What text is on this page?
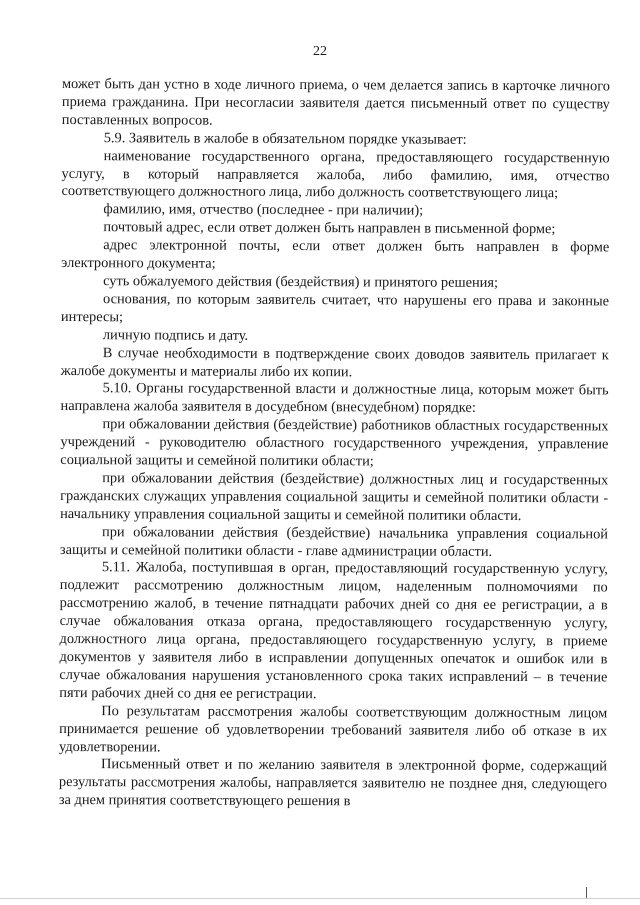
22

может быть дан устно в ходе личного приема, о чем делается запись в карточке личного приема гражданина. При несогласии заявителя дается письменный ответ по существу поставленных вопросов.

5.9. Заявитель в жалобе в обязательном порядке указывает:

наименование государственного органа, предоставляющего государственную услугу, в который направляется жалоба, либо фамилию, имя, отчество соответствующего должностного лица, либо должность соответствующего лица;

фамилию, имя, отчество (последнее - при наличии);

почтовый адрес, если ответ должен быть направлен в письменной форме;

адрес электронной почты, если ответ должен быть направлен в форме электронного документа;

суть обжалуемого действия (бездействия) и принятого решения;

основания, по которым заявитель считает, что нарушены его права и законные интересы;

личную подпись и дату.

В случае необходимости в подтверждение своих доводов заявитель прилагает к жалобе документы и материалы либо их копии.

5.10. Органы государственной власти и должностные лица, которым может быть направлена жалоба заявителя в досудебном (внесудебном) порядке:

при обжаловании действия (бездействие) работников областных государственных учреждений - руководителю областного государственного учреждения, управление социальной защиты и семейной политики области;

при обжаловании действия (бездействие) должностных лиц и государственных гражданских служащих управления социальной защиты и семейной политики области - начальнику управления социальной защиты и семейной политики области.

при обжаловании действия (бездействие) начальника управления социальной защиты и семейной политики области - главе администрации области.

5.11. Жалоба, поступившая в орган, предоставляющий государственную услугу, подлежит рассмотрению должностным лицом, наделенным полномочиями по рассмотрению жалоб, в течение пятнадцати рабочих дней со дня ее регистрации, а в случае обжалования отказа органа, предоставляющего государственную услугу, должностного лица органа, предоставляющего государственную услугу, в приеме документов у заявителя либо в исправлении допущенных опечаток и ошибок или в случае обжалования нарушения установленного срока таких исправлений – в течение пяти рабочих дней со дня ее регистрации.

По результатам рассмотрения жалобы соответствующим должностным лицом принимается решение об удовлетворении требований заявителя либо об отказе в их удовлетворении.

Письменный ответ и по желанию заявителя в электронной форме, содержащий результаты рассмотрения жалобы, направляется заявителю не позднее дня, следующего за днем принятия соответствующего решения в
